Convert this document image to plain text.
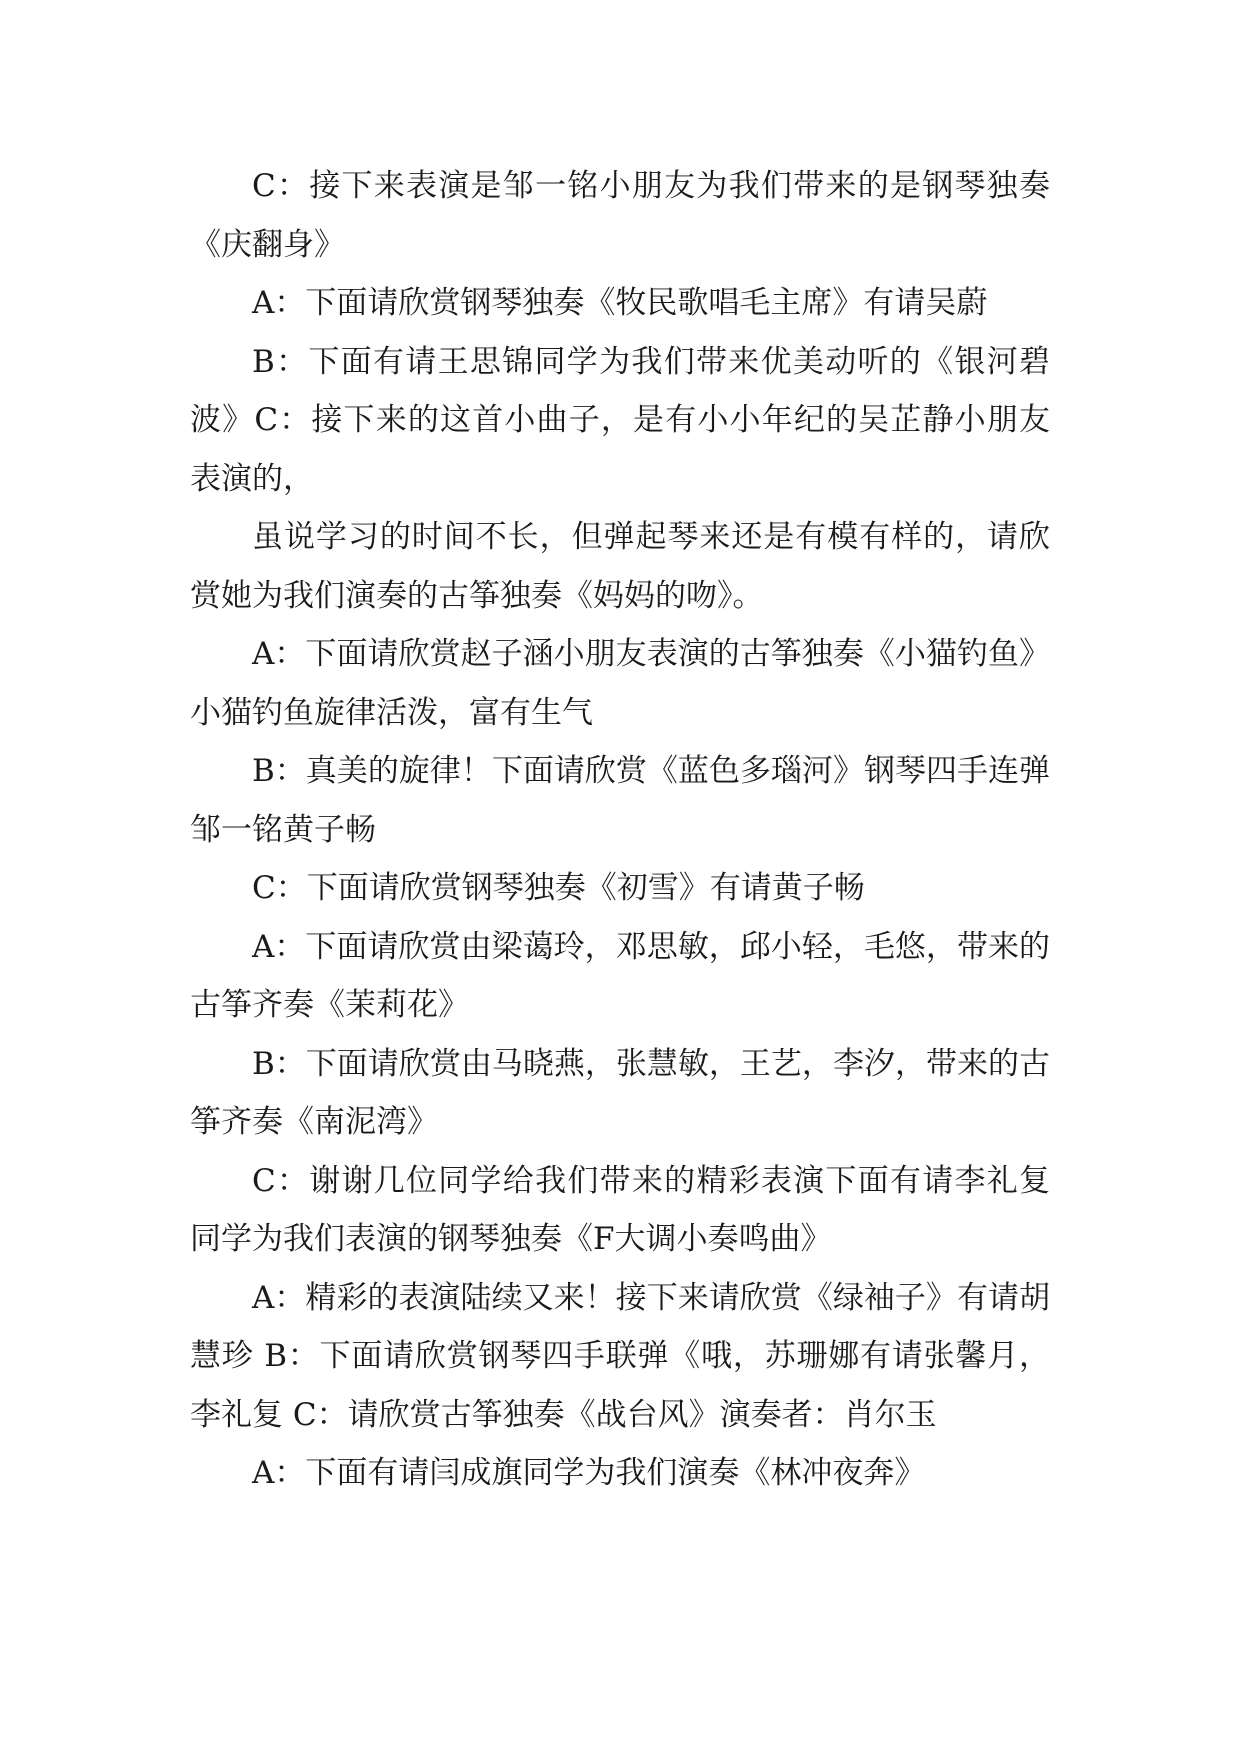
C：接下来表演是邹一铭小朋友为我们带来的是钢琴独奏《庆翻身》

A：下面请欣赏钢琴独奏《牧民歌唱毛主席》有请吴蔚

B：下面有请王思锦同学为我们带来优美动听的《银河碧波》C：接下来的这首小曲子，是有小小年纪的吴芷静小朋友表演的，

虽说学习的时间不长，但弹起琴来还是有模有样的，请欣赏她为我们演奏的古筝独奏《妈妈的吻》。

A：下面请欣赏赵子涵小朋友表演的古筝独奏《小猫钓鱼》小猫钓鱼旋律活泼，富有生气

B：真美的旋律！下面请欣赏《蓝色多瑙河》钢琴四手连弹邹一铭黄子畅

C：下面请欣赏钢琴独奏《初雪》有请黄子畅

A：下面请欣赏由梁蔼玲，邓思敏，邱小轻，毛悠，带来的古筝齐奏《茉莉花》

B：下面请欣赏由马晓燕，张慧敏，王艺，李汐，带来的古筝齐奏《南泥湾》

C：谢谢几位同学给我们带来的精彩表演下面有请李礼复同学为我们表演的钢琴独奏《F大调小奏鸣曲》

A：精彩的表演陆续又来！接下来请欣赏《绿袖子》有请胡慧珍 B：下面请欣赏钢琴四手联弹《哦，苏珊娜有请张馨月，李礼复 C：请欣赏古筝独奏《战台风》演奏者：肖尔玉

A：下面有请闫成旗同学为我们演奏《林冲夜奔》
